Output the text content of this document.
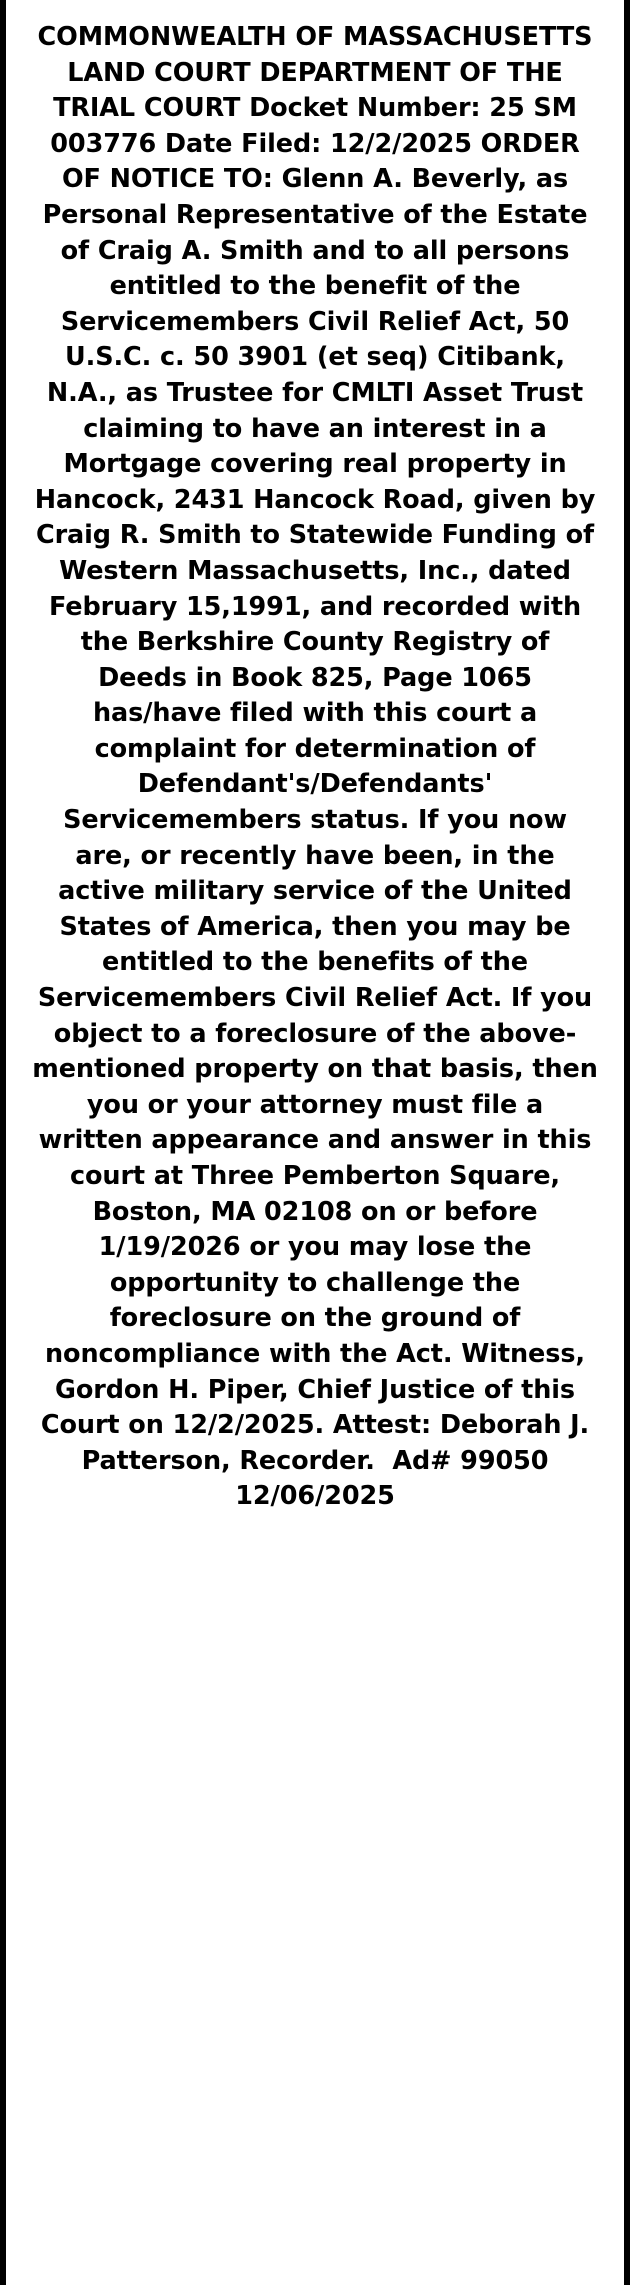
COMMONWEALTH OF MASSACHUSETTS LAND COURT DEPARTMENT OF THE TRIAL COURT Docket Number: 25 SM 003776 Date Filed: 12/2/2025 ORDER OF NOTICE TO: Glenn A. Beverly, as Personal Representative of the Estate of Craig A. Smith and to all persons entitled to the benefit of the Servicemembers Civil Relief Act, 50 U.S.C. c. 50 3901 (et seq) Citibank, N.A., as Trustee for CMLTI Asset Trust claiming to have an interest in a Mortgage covering real property in Hancock, 2431 Hancock Road, given by Craig R. Smith to Statewide Funding of Western Massachusetts, Inc., dated February 15,1991, and recorded with the Berkshire County Registry of Deeds in Book 825, Page 1065 has/have filed with this court a complaint for determination of Defendant's/Defendants' Servicemembers status. If you now are, or recently have been, in the active military service of the United States of America, then you may be entitled to the benefits of the Servicemembers Civil Relief Act. If you object to a foreclosure of the above-mentioned property on that basis, then you or your attorney must file a written appearance and answer in this court at Three Pemberton Square, Boston, MA 02108 on or before 1/19/2026 or you may lose the opportunity to challenge the foreclosure on the ground of noncompliance with the Act. Witness, Gordon H. Piper, Chief Justice of this Court on 12/2/2025. Attest: Deborah J. Patterson, Recorder.  Ad# 99050 12/06/2025
